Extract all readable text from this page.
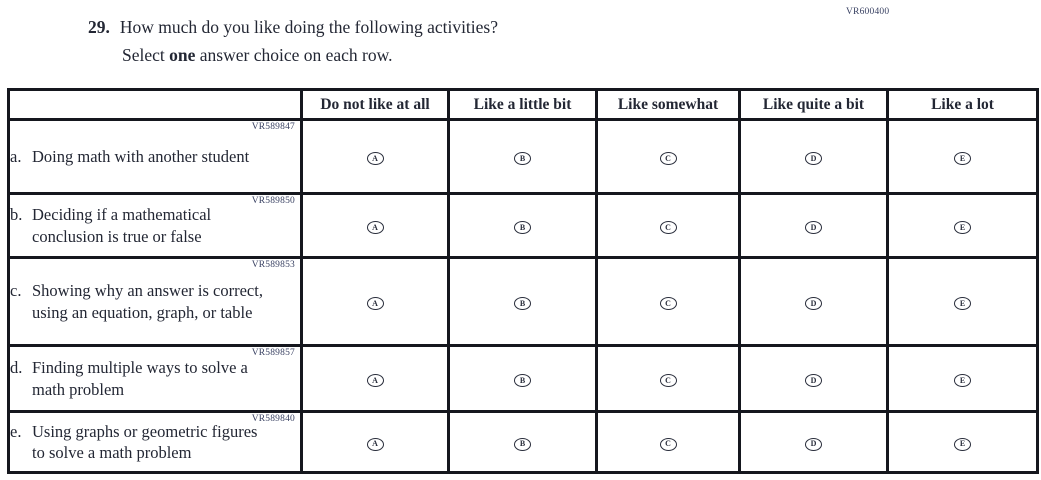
VR600400
29. How much do you like doing the following activities?
Select one answer choice on each row.
	Do not like at all	Like a little bit	Like somewhat	Like quite a bit	Like a lot

VR589847
a. Doing math with another student	A	B	C	D	E

VR589850
b. Deciding if a mathematical conclusion is true or false	A	B	C	D	E

VR589853
c. Showing why an answer is correct, using an equation, graph, or table	A	B	C	D	E

VR589857
d. Finding multiple ways to solve a math problem	A	B	C	D	E

VR589840
e. Using graphs or geometric figures to solve a math problem	A	B	C	D	E
